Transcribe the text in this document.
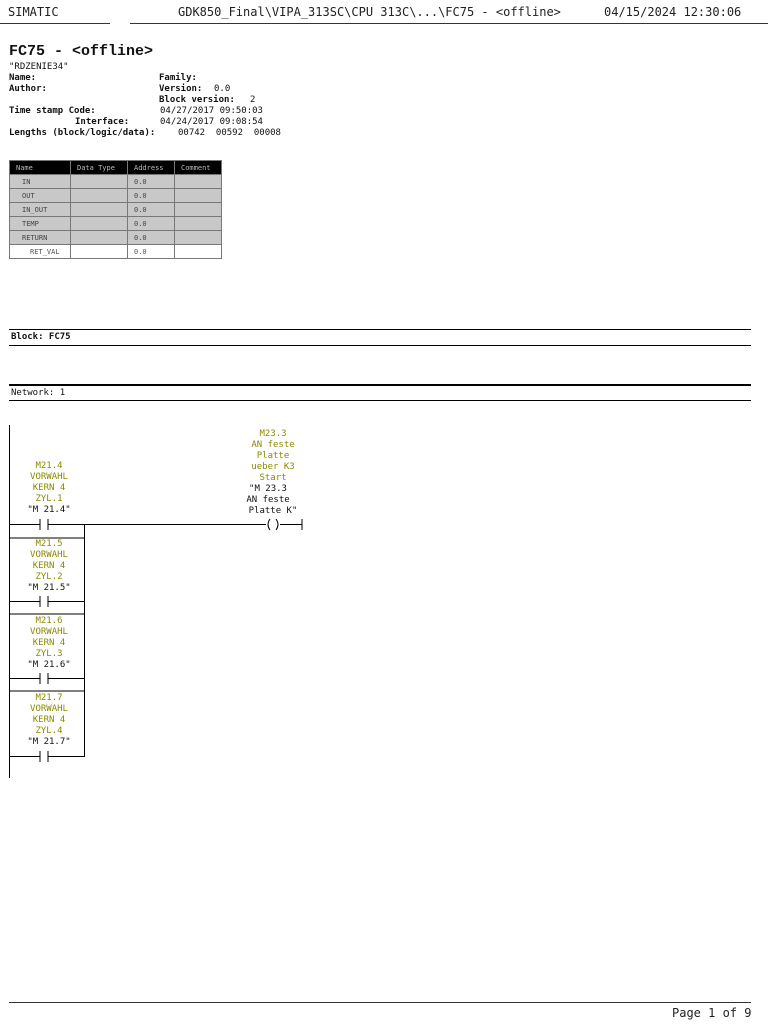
SIMATIC	GDK850_Final\VIPA_313SC\CPU 313C\...\FC75 - <offline>	04/15/2024 12:30:06
FC75 - <offline>
"RDZENIE34"
Name:	Family:
Author:	Version: 0.0
Block version: 2
Time stamp Code:	04/27/2017 09:50:03
Interface:	04/24/2017 09:08:54
Lengths (block/logic/data):	00742  00592  00008
Name	Data Type	Address	Comment
IN		0.0	
OUT		0.0	
IN_OUT		0.0	
TEMP		0.0	
RETURN		0.0	
RET_VAL		0.0	
Block: FC75
Network: 1
M21.4
VORWAHL
KERN 4
ZYL.1
"M 21.4"
M21.5
VORWAHL
KERN 4
ZYL.2
"M 21.5"
M21.6
VORWAHL
KERN 4
ZYL.3
"M 21.6"
M21.7
VORWAHL
KERN 4
ZYL.4
"M 21.7"
M23.3
AN feste
Platte
ueber K3
Start
"M 23.3
AN feste
Platte K"
Page 1 of 9
